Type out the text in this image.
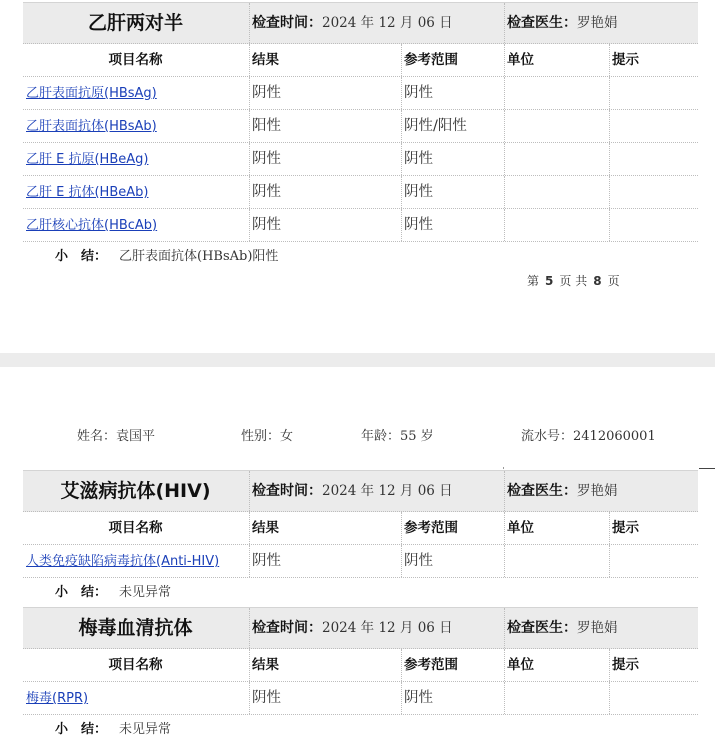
乙肝两对半	检查时间：2024 年 12 月 06 日	检查医生：罗艳娟
项目名称	结果	参考范围	单位	提示
乙肝表面抗原(HBsAg)	阴性	阴性
乙肝表面抗体(HBsAb)	阳性	阴性/阳性
乙肝 E 抗原(HBeAg)	阴性	阴性
乙肝 E 抗体(HBeAb)	阴性	阴性
乙肝核心抗体(HBcAb)	阴性	阴性
小　结： 乙肝表面抗体(HBsAb)阳性
第 5 页 共 8 页
姓名：袁国平	性别：女	年龄：55 岁	流水号：2412060001
艾滋病抗体(HIV)	检查时间：2024 年 12 月 06 日	检查医生：罗艳娟
项目名称	结果	参考范围	单位	提示
人类免疫缺陷病毒抗体(Anti-HIV)	阴性	阴性
小　结： 未见异常
梅毒血清抗体	检查时间：2024 年 12 月 06 日	检查医生：罗艳娟
项目名称	结果	参考范围	单位	提示
梅毒(RPR)	阴性	阴性
小　结： 未见异常
